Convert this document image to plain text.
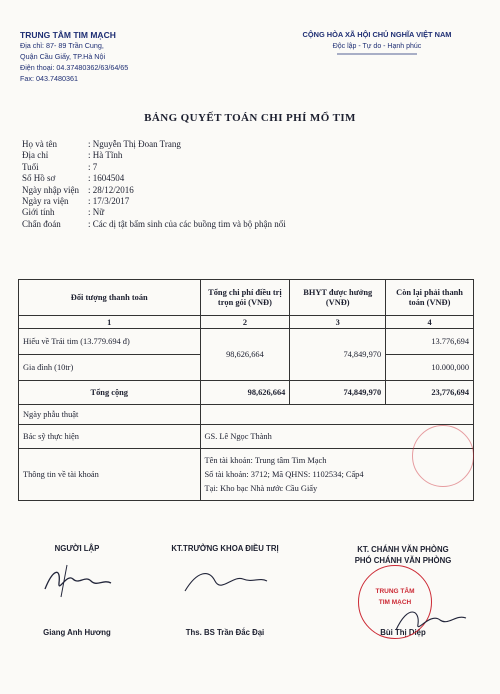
TRUNG TÂM TIM MẠCH
Địa chỉ: 87- 89 Trần Cung,
Quận Cầu Giấy, TP.Hà Nội
Điện thoại: 04.37480362/63/64/65
Fax: 043.7480361
CỘNG HÒA XÃ HỘI CHỦ NGHĨA VIỆT NAM
Độc lập - Tự do - Hạnh phúc
BẢNG QUYẾT TOÁN CHI PHÍ MỔ TIM
Họ và tên	: Nguyễn Thị Đoan Trang
Địa chỉ	: Hà Tĩnh
Tuổi	: 7
Số Hồ sơ	: 1604504
Ngày nhập viện	: 28/12/2016
Ngày ra viện	: 17/3/2017
Giới tính	: Nữ
Chẩn đoán	: Các dị tật bẩm sinh của các buồng tim và bộ phận nối
Đối tượng thanh toán	Tổng chi phí điều trị trọn gói (VNĐ)	BHYT được hưởng (VNĐ)	Còn lại phải thanh toán (VNĐ)
1	2	3	4
Hiếu về Trái tim (13.779.694 đ)	98,626,664	74,849,970	13.776,694
Gia đình (10tr)			10.000,000
Tổng cộng	98,626,664	74,849,970	23,776,694
Ngày phẫu thuật			
Bác sỹ thực hiện	GS. Lê Ngọc Thành		
Thông tin về tài khoản	Tên tài khoản: Trung tâm Tim Mạch
Số tài khoản: 3712; Mã QHNS: 1102534; Cấp4
Tại: Kho bạc Nhà nước Cầu Giấy		
NGƯỜI LẬP
Giang Anh Hương
KT.TRƯỞNG KHOA ĐIỀU TRỊ
Ths. BS Trần Đắc Đại
KT. CHÁNH VĂN PHÒNG
PHÓ CHÁNH VĂN PHÒNG
Bùi Thị Diệp
TRUNG TÂM
TIM MẠCH
